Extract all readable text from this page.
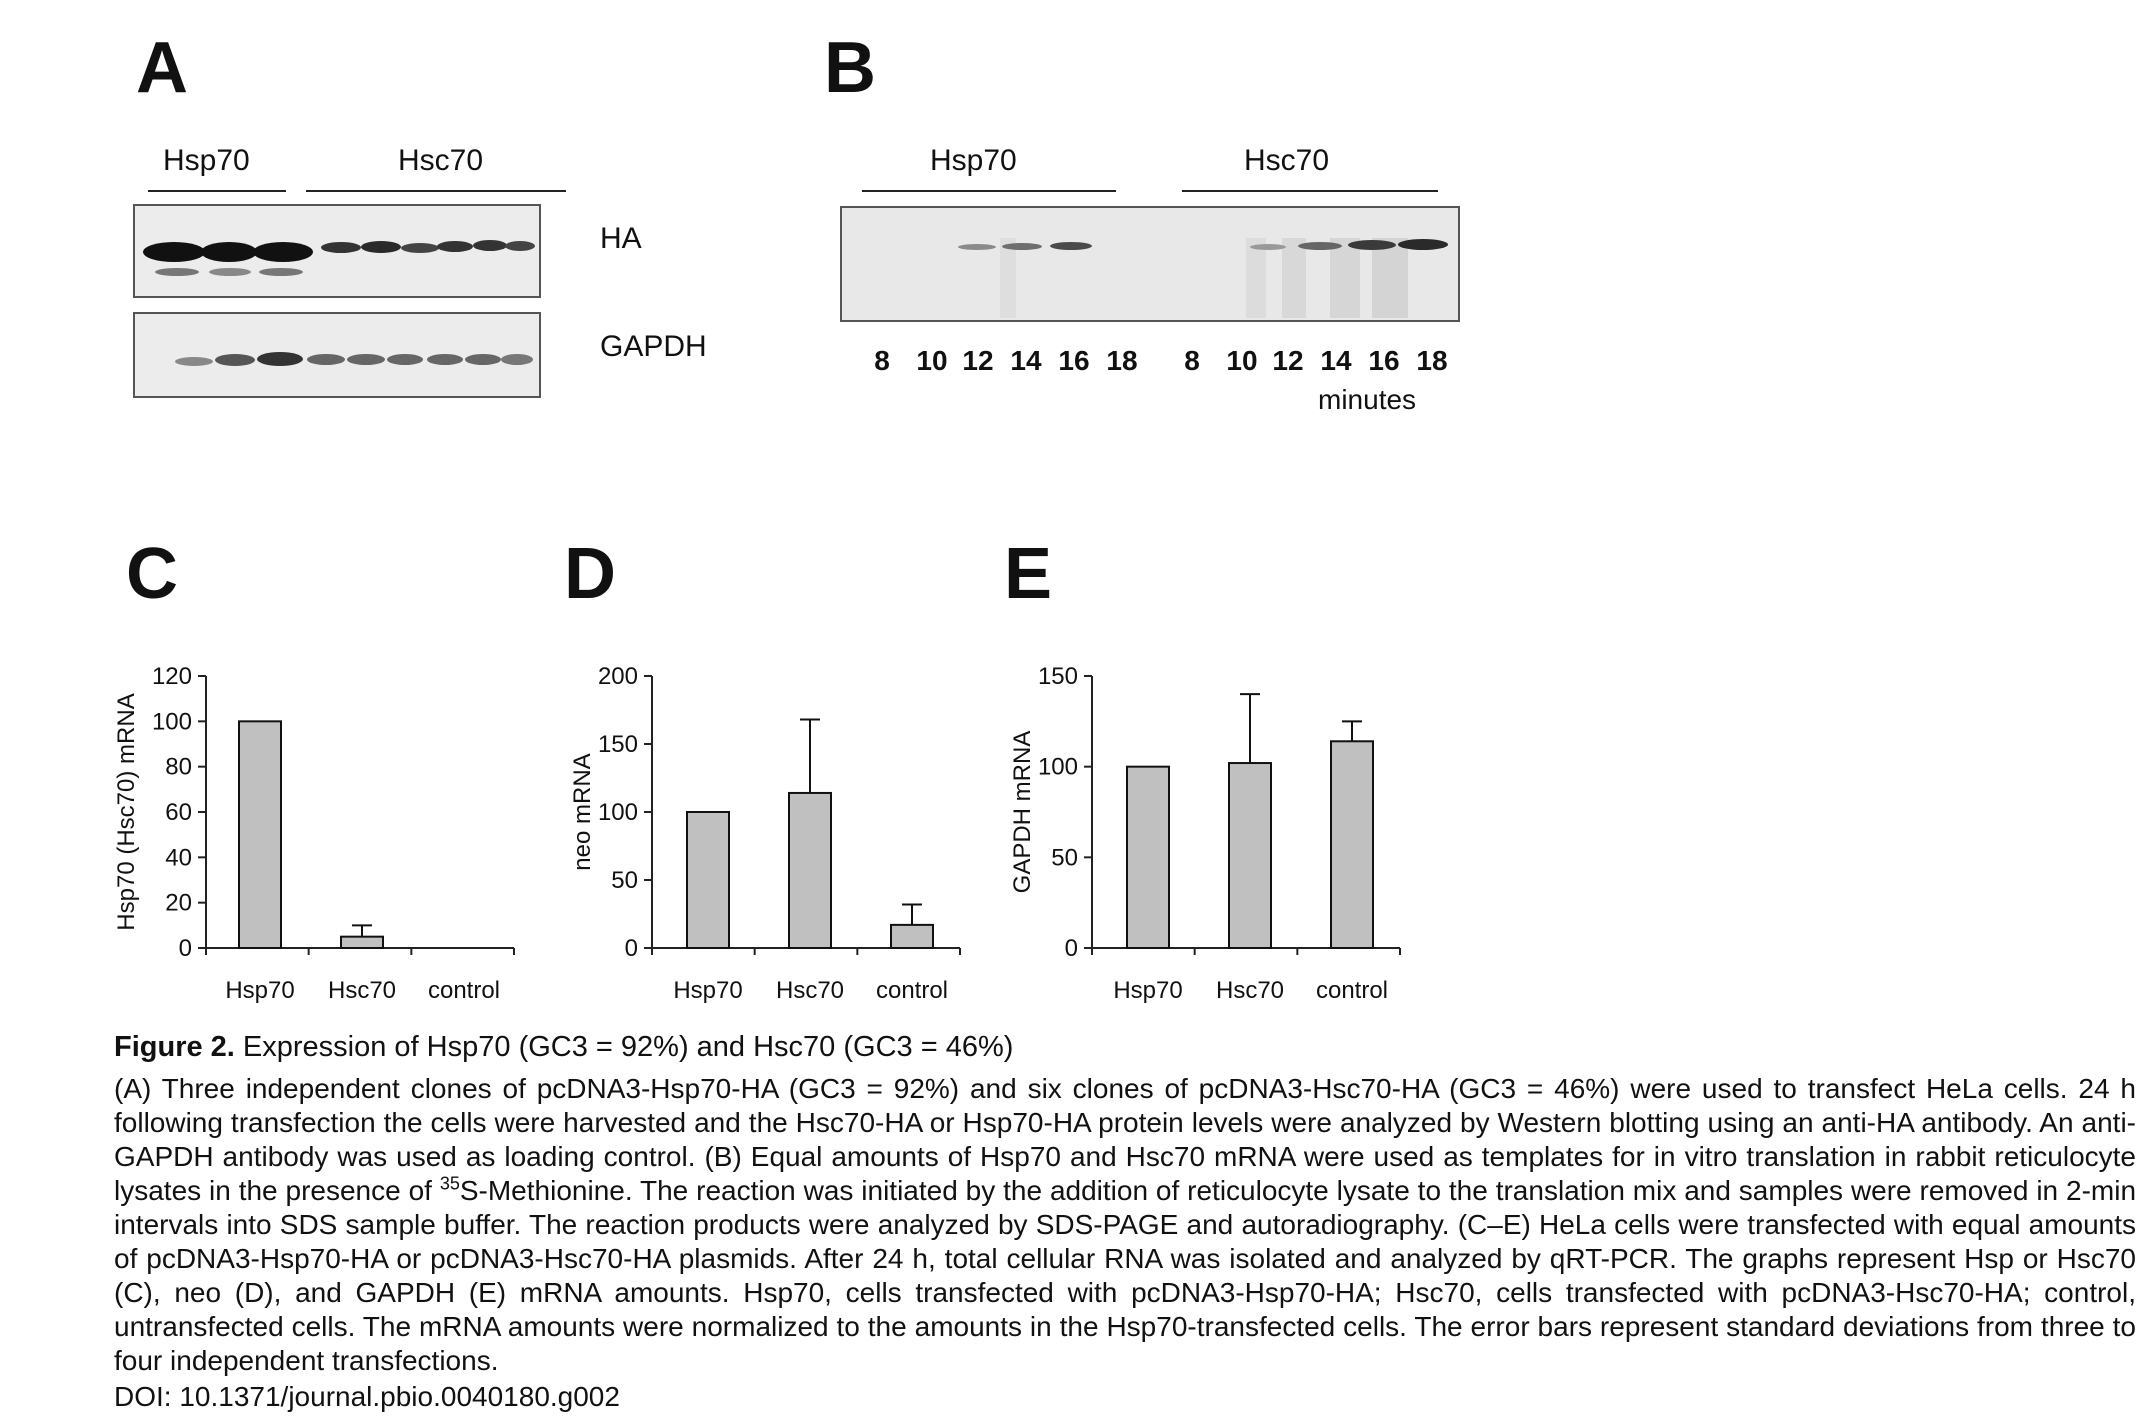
A	B
C	D	E
Hsp70	Hsc70
HA
GAPDH
Hsp70	Hsc70
8 10 12 14 16 18	8 10 12 14 16 18
minutes
0
20
40
60
80
100
120
Hsp70 Hsc70 control
Hsp70 (Hsc70) mRNA
0
50
100
150
200
Hsp70 Hsc70 control
neo mRNA
0
50
100
150
Hsp70 Hsc70 control
GAPDH mRNA
Figure 2. Expression of Hsp70 (GC3 = 92%) and Hsc70 (GC3 = 46%)
(A) Three independent clones of pcDNA3-Hsp70-HA (GC3 = 92%) and six clones of pcDNA3-Hsc70-HA (GC3 = 46%) were used to transfect HeLa cells. 24 h following transfection the cells were harvested and the Hsc70-HA or Hsp70-HA protein levels were analyzed by Western blotting using an anti-HA antibody. An anti-GAPDH antibody was used as loading control. (B) Equal amounts of Hsp70 and Hsc70 mRNA were used as templates for in vitro translation in rabbit reticulocyte lysates in the presence of $^{35}$S-Methionine. The reaction was initiated by the addition of reticulocyte lysate to the translation mix and samples were removed in 2-min intervals into SDS sample buffer. The reaction products were analyzed by SDS-PAGE and autoradiography. (C–E) HeLa cells were transfected with equal amounts of pcDNA3-Hsp70-HA or pcDNA3-Hsc70-HA plasmids. After 24 h, total cellular RNA was isolated and analyzed by qRT-PCR. The graphs represent Hsp or Hsc70 (C), neo (D), and GAPDH (E) mRNA amounts. Hsp70, cells transfected with pcDNA3-Hsp70-HA; Hsc70, cells transfected with pcDNA3-Hsc70-HA; control, untransfected cells. The mRNA amounts were normalized to the amounts in the Hsp70-transfected cells. The error bars represent standard deviations from three to four independent transfections.
DOI: 10.1371/journal.pbio.0040180.g002
